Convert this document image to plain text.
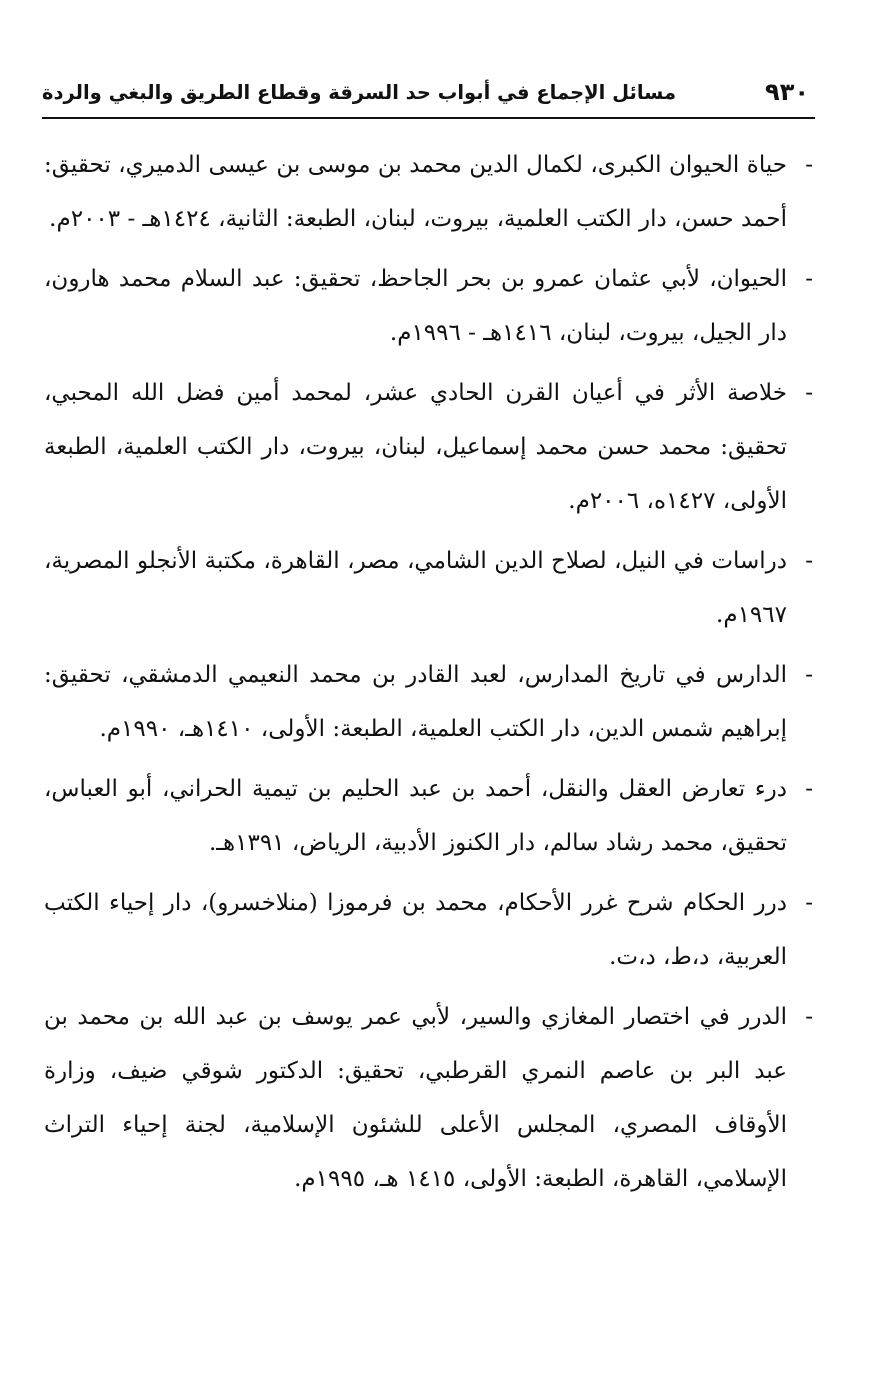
٩٣٠
مسائل الإجماع في أبواب حد السرقة وقطاع الطريق والبغي والردة
-
حياة الحيوان الكبرى، لكمال الدين محمد بن موسى بن عيسى الدميري، تحقيق: أحمد حسن، دار الكتب العلمية، بيروت، لبنان، الطبعة: الثانية، ١٤٢٤هـ - ٢٠٠٣م.
-
الحيوان، لأبي عثمان عمرو بن بحر الجاحظ، تحقيق: عبد السلام محمد هارون، دار الجيل، بيروت، لبنان، ١٤١٦هـ - ١٩٩٦م.
-
خلاصة الأثر في أعيان القرن الحادي عشر، لمحمد أمين فضل الله المحبي، تحقيق: محمد حسن محمد إسماعيل، لبنان، بيروت، دار الكتب العلمية، الطبعة الأولى، ١٤٢٧ه، ٢٠٠٦م.
-
دراسات في النيل، لصلاح الدين الشامي، مصر، القاهرة، مكتبة الأنجلو المصرية، ١٩٦٧م.
-
الدارس في تاريخ المدارس، لعبد القادر بن محمد النعيمي الدمشقي، تحقيق: إبراهيم شمس الدين، دار الكتب العلمية، الطبعة: الأولى، ١٤١٠هـ، ١٩٩٠م.
-
درء تعارض العقل والنقل، أحمد بن عبد الحليم بن تيمية الحراني، أبو العباس، تحقيق، محمد رشاد سالم، دار الكنوز الأدبية، الرياض، ١٣٩١هـ.
-
درر الحكام شرح غرر الأحكام، محمد بن فرموزا (منلاخسرو)، دار إحياء الكتب العربية، د،ط، د،ت.
-
الدرر في اختصار المغازي والسير، لأبي عمر يوسف بن عبد الله بن محمد بن عبد البر بن عاصم النمري القرطبي، تحقيق: الدكتور شوقي ضيف، وزارة الأوقاف المصري، المجلس الأعلى للشئون الإسلامية، لجنة إحياء التراث الإسلامي، القاهرة، الطبعة: الأولى، ١٤١٥ هـ، ١٩٩٥م.
